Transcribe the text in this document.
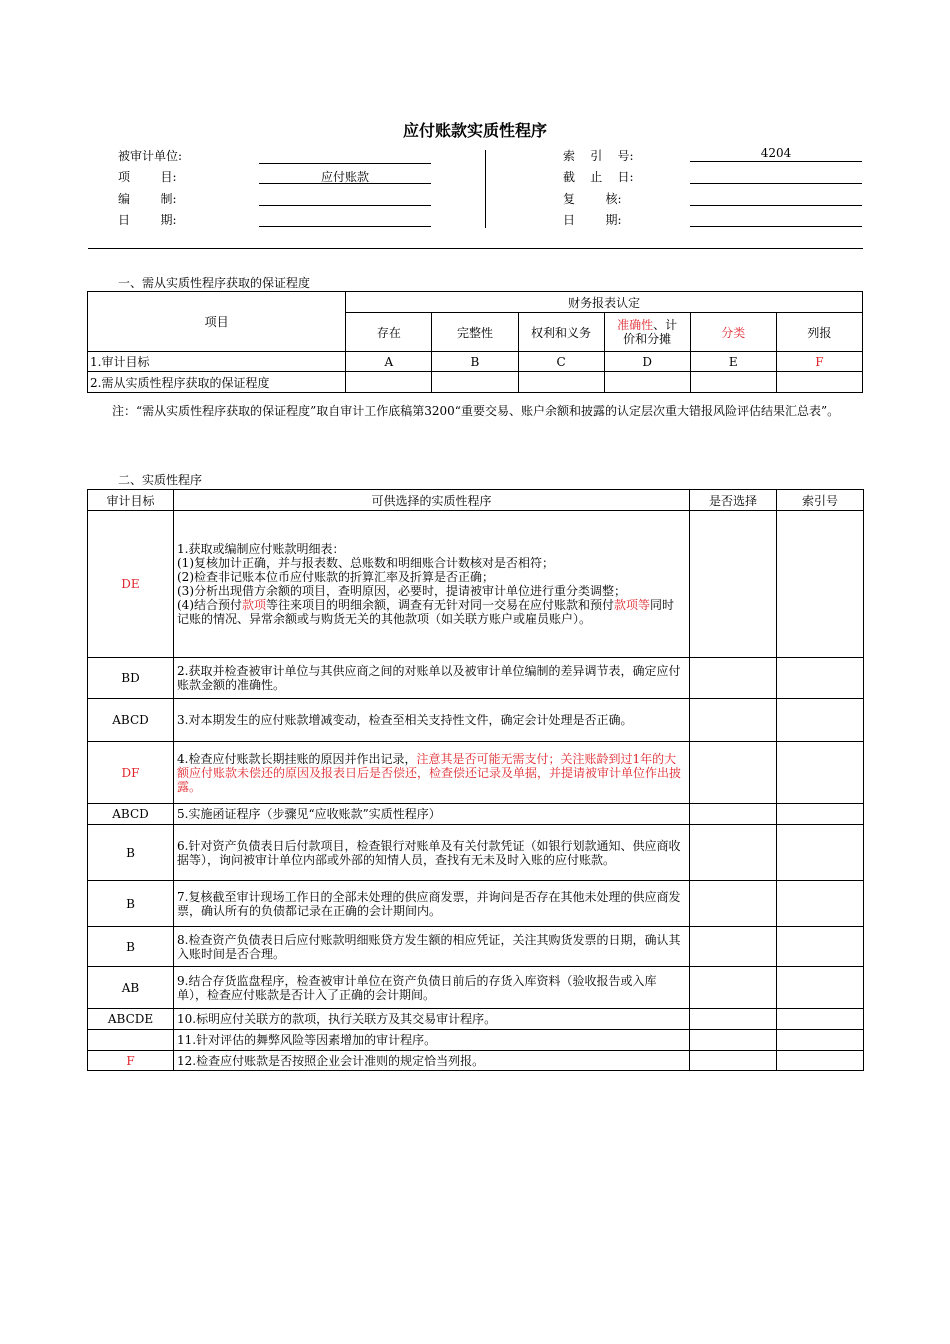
应付账款实质性程序
被审计单位:
项        目:	应付账款
编        制:
日        期:
索    引    号:	4204
截    止    日:
复        核:
日        期:
一、需从实质性程序获取的保证程度
项目	财务报表认定					
	存在	完整性	权利和义务	准确性、计
价和分摊	分类	列报
1.审计目标	A	B	C	D	E	F
2.需从实质性程序获取的保证程度						
注：“需从实质性程序获取的保证程度”取自审计工作底稿第3200“重要交易、账户余额和披露的认定层次重大错报风险评估结果汇总表”。
二、实质性程序
审计目标	可供选择的实质性程序	是否选择	索引号
DE	1.获取或编制应付账款明细表：
(1)复核加计正确，并与报表数、总账数和明细账合计数核对是否相符；
(2)检查非记账本位币应付账款的折算汇率及折算是否正确；
(3)分析出现借方余额的项目，查明原因，必要时，提请被审计单位进行重分类调整；
(4)结合预付款项等往来项目的明细余额，调查有无针对同一交易在应付账款和预付款项等同时记账的情况、异常余额或与购货无关的其他款项（如关联方账户或雇员账户）。		

BD	2.获取并检查被审计单位与其供应商之间的对账单以及被审计单位编制的差异调节表，确定应付账款金额的准确性。		
ABCD	3.对本期发生的应付账款增减变动，检查至相关支持性文件，确定会计处理是否正确。		
DF	4.检查应付账款长期挂账的原因并作出记录，注意其是否可能无需支付；关注账龄到过1年的大额应付账款未偿还的原因及报表日后是否偿还，检查偿还记录及单据，并提请被审计单位作出披露。		
ABCD	5.实施函证程序（步骤见“应收账款”实质性程序）		
B	6.针对资产负债表日后付款项目，检查银行对账单及有关付款凭证（如银行划款通知、供应商收据等），询问被审计单位内部或外部的知情人员，查找有无未及时入账的应付账款。		
B	7.复核截至审计现场工作日的全部未处理的供应商发票，并询问是否存在其他未处理的供应商发票，确认所有的负债都记录在正确的会计期间内。		
B	8.检查资产负债表日后应付账款明细账贷方发生额的相应凭证，关注其购货发票的日期，确认其入账时间是否合理。		
AB	9.结合存货监盘程序，检查被审计单位在资产负债日前后的存货入库资料（验收报告或入库单），检查应付账款是否计入了正确的会计期间。		
ABCDE	10.标明应付关联方的款项，执行关联方及其交易审计程序。		
	11.针对评估的舞弊风险等因素增加的审计程序。		
F	12.检查应付账款是否按照企业会计准则的规定恰当列报。		
